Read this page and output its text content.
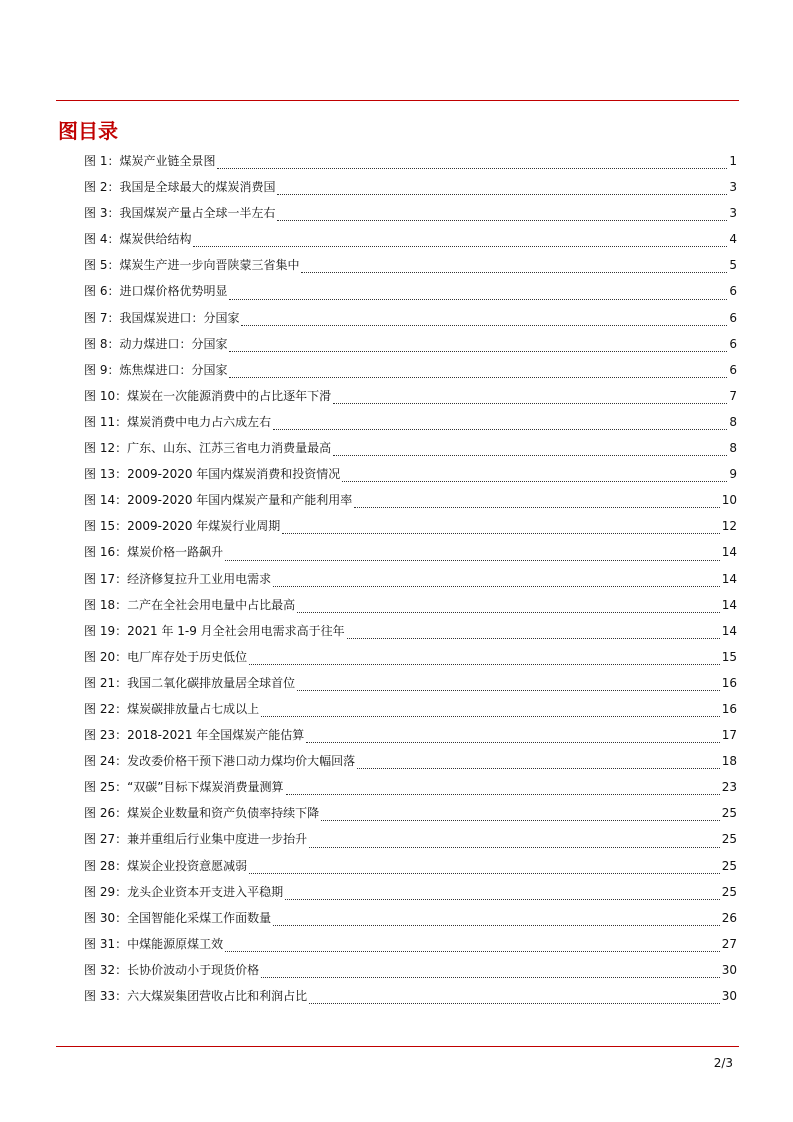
图目录
图 1：煤炭产业链全景图	1
图 2：我国是全球最大的煤炭消费国	3
图 3：我国煤炭产量占全球一半左右	3
图 4：煤炭供给结构	4
图 5：煤炭生产进一步向晋陕蒙三省集中	5
图 6：进口煤价格优势明显	6
图 7：我国煤炭进口：分国家	6
图 8：动力煤进口：分国家	6
图 9：炼焦煤进口：分国家	6
图 10：煤炭在一次能源消费中的占比逐年下滑	7
图 11：煤炭消费中电力占六成左右	8
图 12：广东、山东、江苏三省电力消费量最高	8
图 13：2009-2020 年国内煤炭消费和投资情况	9
图 14：2009-2020 年国内煤炭产量和产能利用率	10
图 15：2009-2020 年煤炭行业周期	12
图 16：煤炭价格一路飙升	14
图 17：经济修复拉升工业用电需求	14
图 18：二产在全社会用电量中占比最高	14
图 19：2021 年 1-9 月全社会用电需求高于往年	14
图 20：电厂库存处于历史低位	15
图 21：我国二氧化碳排放量居全球首位	16
图 22：煤炭碳排放量占七成以上	16
图 23：2018-2021 年全国煤炭产能估算	17
图 24：发改委价格干预下港口动力煤均价大幅回落	18
图 25：“双碳”目标下煤炭消费量测算	23
图 26：煤炭企业数量和资产负债率持续下降	25
图 27：兼并重组后行业集中度进一步抬升	25
图 28：煤炭企业投资意愿减弱	25
图 29：龙头企业资本开支进入平稳期	25
图 30：全国智能化采煤工作面数量	26
图 31：中煤能源原煤工效	27
图 32：长协价波动小于现货价格	30
图 33：六大煤炭集团营收占比和利润占比	30
2/3
